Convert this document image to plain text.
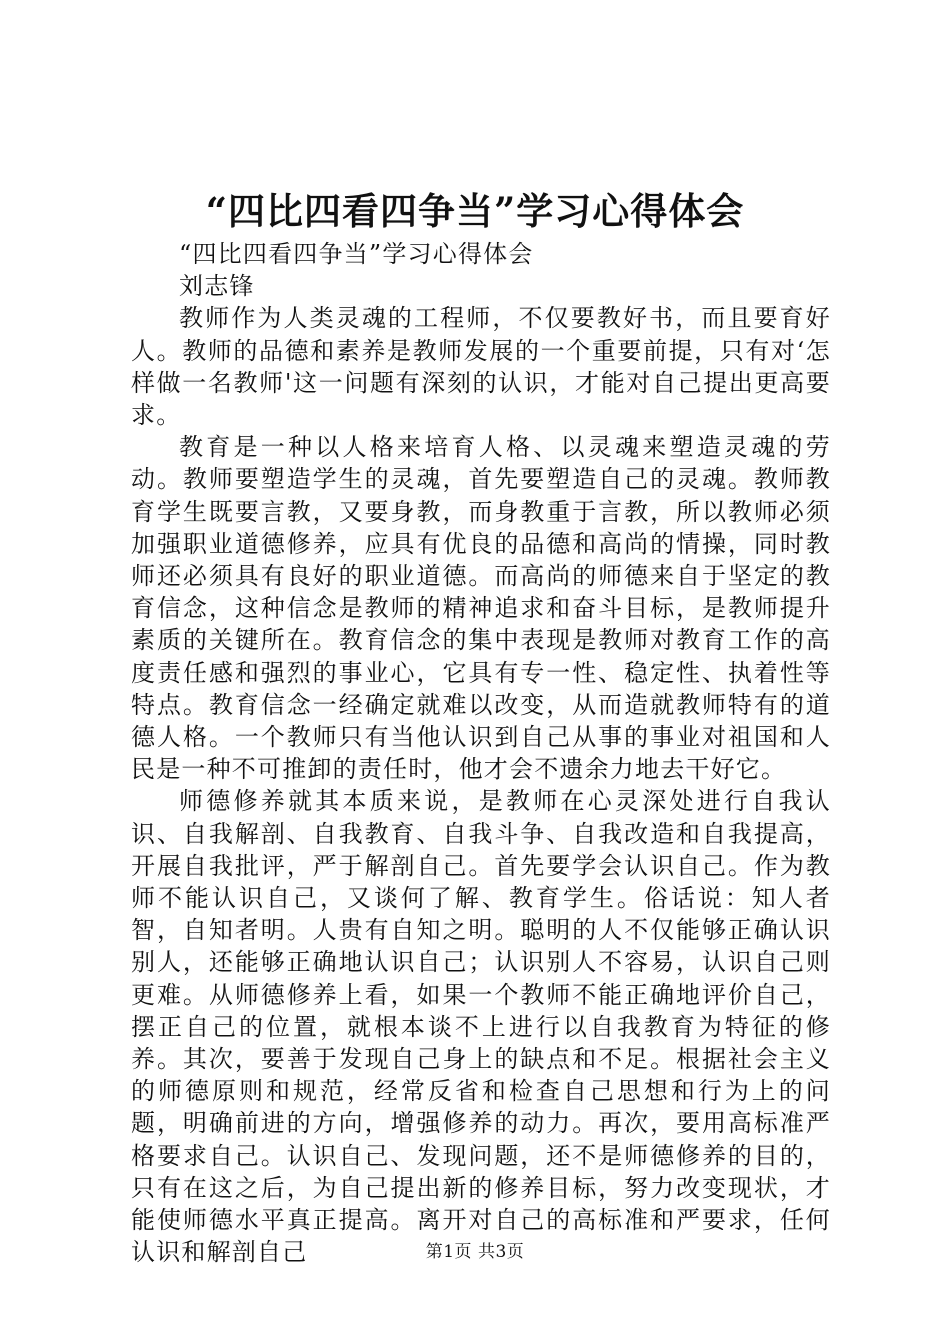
“四比四看四争当”学习心得体会

“四比四看四争当”学习心得体会

刘志锋

教师作为人类灵魂的工程师，不仅要教好书，而且要育好人。教师的品德和素养是教师发展的一个重要前提，只有对‘怎样做一名教师'这一问题有深刻的认识，才能对自己提出更高要求。

教育是一种以人格来培育人格、以灵魂来塑造灵魂的劳动。教师要塑造学生的灵魂，首先要塑造自己的灵魂。教师教育学生既要言教，又要身教，而身教重于言教，所以教师必须加强职业道德修养，应具有优良的品德和高尚的情操，同时教师还必须具有良好的职业道德。而高尚的师德来自于坚定的教育信念，这种信念是教师的精神追求和奋斗目标，是教师提升素质的关键所在。教育信念的集中表现是教师对教育工作的高度责任感和强烈的事业心，它具有专一性、稳定性、执着性等特点。教育信念一经确定就难以改变，从而造就教师特有的道德人格。一个教师只有当他认识到自己从事的事业对祖国和人民是一种不可推卸的责任时，他才会不遗余力地去干好它。

师德修养就其本质来说，是教师在心灵深处进行自我认识、自我解剖、自我教育、自我斗争、自我改造和自我提高，开展自我批评，严于解剖自己。首先要学会认识自己。作为教师不能认识自己，又谈何了解、教育学生。俗话说：知人者智，自知者明。人贵有自知之明。聪明的人不仅能够正确认识别人，还能够正确地认识自己；认识别人不容易，认识自己则更难。从师德修养上看，如果一个教师不能正确地评价自己，摆正自己的位置，就根本谈不上进行以自我教育为特征的修养。其次，要善于发现自己身上的缺点和不足。根据社会主义的师德原则和规范，经常反省和检查自己思想和行为上的问题，明确前进的方向，增强修养的动力。再次，要用高标准严格要求自己。认识自己、发现问题，还不是师德修养的目的，只有在这之后，为自己提出新的修养目标，努力改变现状，才能使师德水平真正提高。离开对自己的高标准和严要求，任何认识和解剖自己	第1页 共3页
